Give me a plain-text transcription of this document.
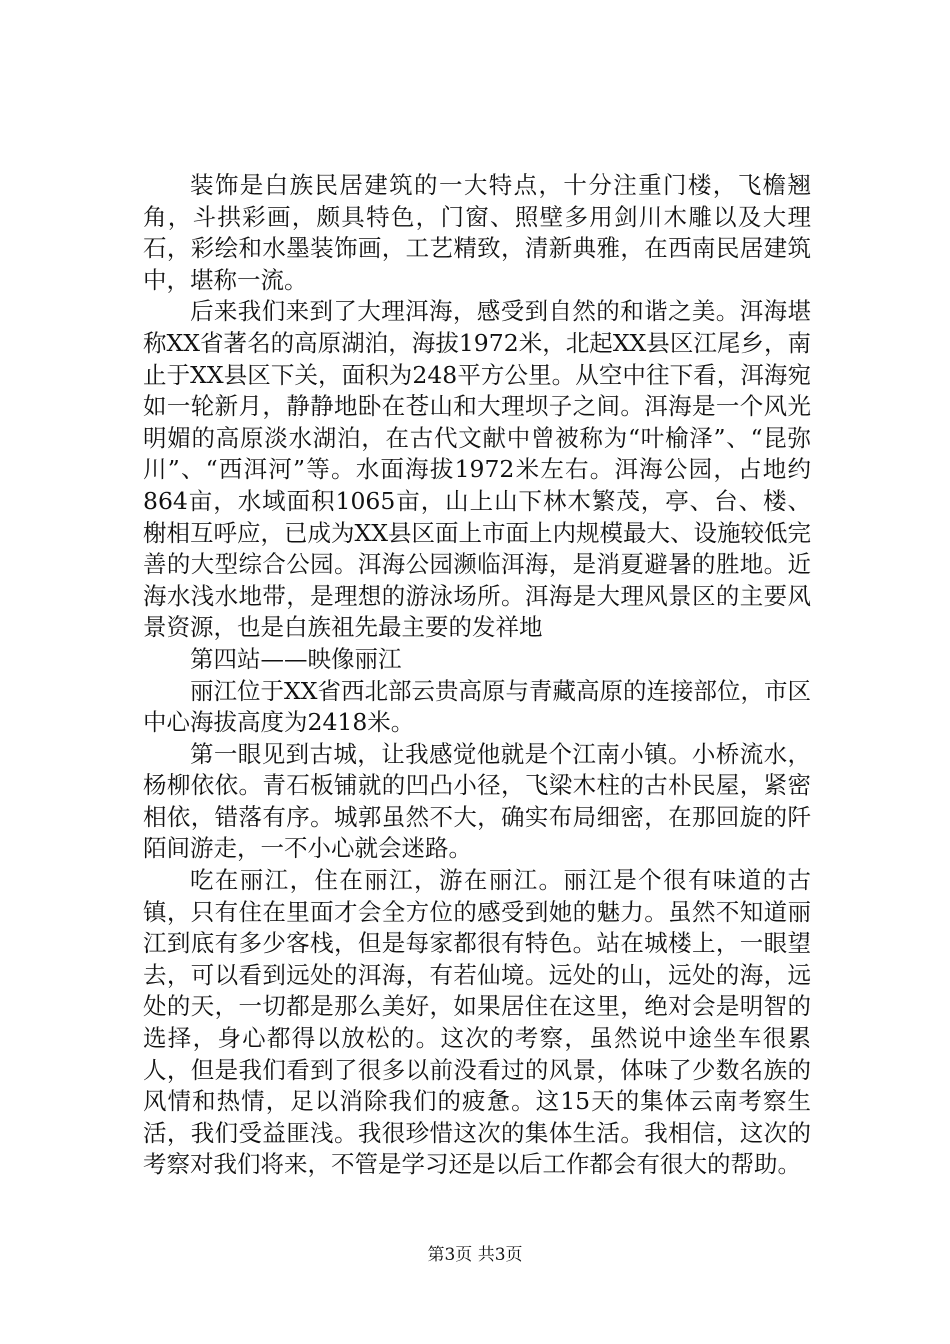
装饰是白族民居建筑的一大特点，十分注重门楼，飞檐翘角，斗拱彩画，颇具特色，门窗、照壁多用剑川木雕以及大理石，彩绘和水墨装饰画，工艺精致，清新典雅，在西南民居建筑中，堪称一流。

后来我们来到了大理洱海，感受到自然的和谐之美。洱海堪称XX省著名的高原湖泊，海拔1972米，北起XX县区江尾乡，南止于XX县区下关，面积为248平方公里。从空中往下看，洱海宛如一轮新月，静静地卧在苍山和大理坝子之间。洱海是一个风光明媚的高原淡水湖泊，在古代文献中曾被称为“叶榆泽”、“昆弥川”、“西洱河”等。水面海拔1972米左右。洱海公园，占地约864亩，水域面积1065亩，山上山下林木繁茂，亭、台、楼、榭相互呼应，已成为XX县区面上市面上内规模最大、设施较低完善的大型综合公园。洱海公园濒临洱海，是消夏避暑的胜地。近海水浅水地带，是理想的游泳场所。洱海是大理风景区的主要风景资源，也是白族祖先最主要的发祥地

第四站——映像丽江

丽江位于XX省西北部云贵高原与青藏高原的连接部位，市区中心海拔高度为2418米。

第一眼见到古城，让我感觉他就是个江南小镇。小桥流水，杨柳依依。青石板铺就的凹凸小径，飞梁木柱的古朴民屋，紧密相依，错落有序。城郭虽然不大，确实布局细密，在那回旋的阡陌间游走，一不小心就会迷路。

吃在丽江，住在丽江，游在丽江。丽江是个很有味道的古镇，只有住在里面才会全方位的感受到她的魅力。虽然不知道丽江到底有多少客栈，但是每家都很有特色。站在城楼上，一眼望去，可以看到远处的洱海，有若仙境。远处的山，远处的海，远处的天，一切都是那么美好，如果居住在这里，绝对会是明智的选择，身心都得以放松的。这次的考察，虽然说中途坐车很累人，但是我们看到了很多以前没看过的风景，体味了少数名族的风情和热情，足以消除我们的疲惫。这15天的集体云南考察生活，我们受益匪浅。我很珍惜这次的集体生活。我相信，这次的考察对我们将来，不管是学习还是以后工作都会有很大的帮助。

第3页 共3页
